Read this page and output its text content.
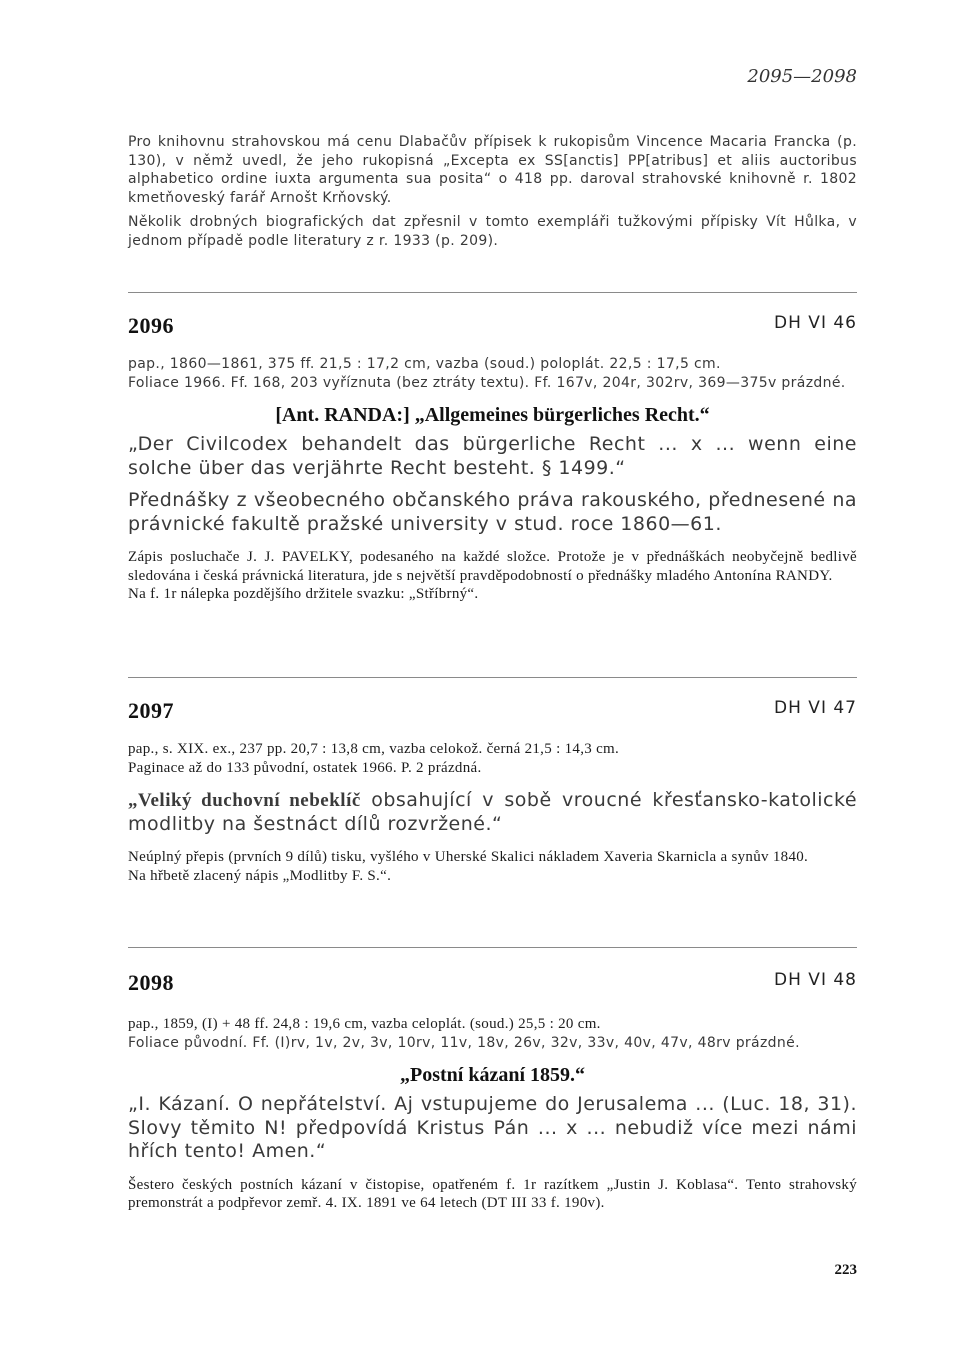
2095—2098

Pro knihovnu strahovskou má cenu Dlabačův přípisek k rukopisům Vincence Macaria Francka (p. 130), v němž uvedl, že jeho rukopisná „Excepta ex SS[anctis] PP[atribus] et aliis auctoribus alphabetico ordine iuxta argumenta sua posita“ o 418 pp. daroval strahovské knihovně r. 1802 kmetňoveský farář Arnošt Krňovský.

Několik drobných biografických dat zpřesnil v tomto exempláři tužkovými přípisky Vít Hůlka, v jednom případě podle literatury z r. 1933 (p. 209).

2096	DH VI 46

pap., 1860—1861, 375 ff. 21,5 : 17,2 cm, vazba (soud.) poloplát. 22,5 : 17,5 cm.

Foliace 1966. Ff. 168, 203 vyříznuta (bez ztráty textu). Ff. 167v, 204r, 302rv, 369—375v prázdné.

[Ant. RANDA:] „Allgemeines bürgerliches Recht.“

„Der Civilcodex behandelt das bürgerliche Recht ... x ... wenn eine solche über das verjährte Recht besteht. § 1499.“

Přednášky z všeobecného občanského práva rakouského, přednesené na právnické fakultě pražské university v stud. roce 1860—61.

Zápis posluchače J. J. PAVELKY, podesaného na každé složce. Protože je v přednáškách neobyčejně bedlivě sledována i česká právnická literatura, jde s největší pravděpodobností o přednášky mladého Antonína RANDY.

Na f. 1r nálepka pozdějšího držitele svazku: „Stříbrný“.

2097	DH VI 47

pap., s. XIX. ex., 237 pp. 20,7 : 13,8 cm, vazba celokož. černá 21,5 : 14,3 cm.

Paginace až do 133 původní, ostatek 1966. P. 2 prázdná.

„Veliký duchovní nebeklíč obsahující v sobě vroucné křesťansko-katolické modlitby na šestnáct dílů rozvržené.“

Neúplný přepis (prvních 9 dílů) tisku, vyšlého v Uherské Skalici nákladem Xaveria Skarnicla a synův 1840.

Na hřbetě zlacený nápis „Modlitby F. S.“.

2098	DH VI 48

pap., 1859, (I) + 48 ff. 24,8 : 19,6 cm, vazba celoplát. (soud.) 25,5 : 20 cm.

Foliace původní. Ff. (I)rv, 1v, 2v, 3v, 10rv, 11v, 18v, 26v, 32v, 33v, 40v, 47v, 48rv prázdné.

„Postní kázaní 1859.“

„I. Kázaní. O nepřátelství. Aj vstupujeme do Jerusalema ... (Luc. 18, 31). Slovy těmito N! předpovídá Kristus Pán ... x ... nebudiž více mezi námi hřích tento! Amen.“

Šestero českých postních kázaní v čistopise, opatřeném f. 1r razítkem „Justin J. Koblasa“. Tento strahovský premonstrát a podpřevor zemř. 4. IX. 1891 ve 64 letech (DT III 33 f. 190v).

223
